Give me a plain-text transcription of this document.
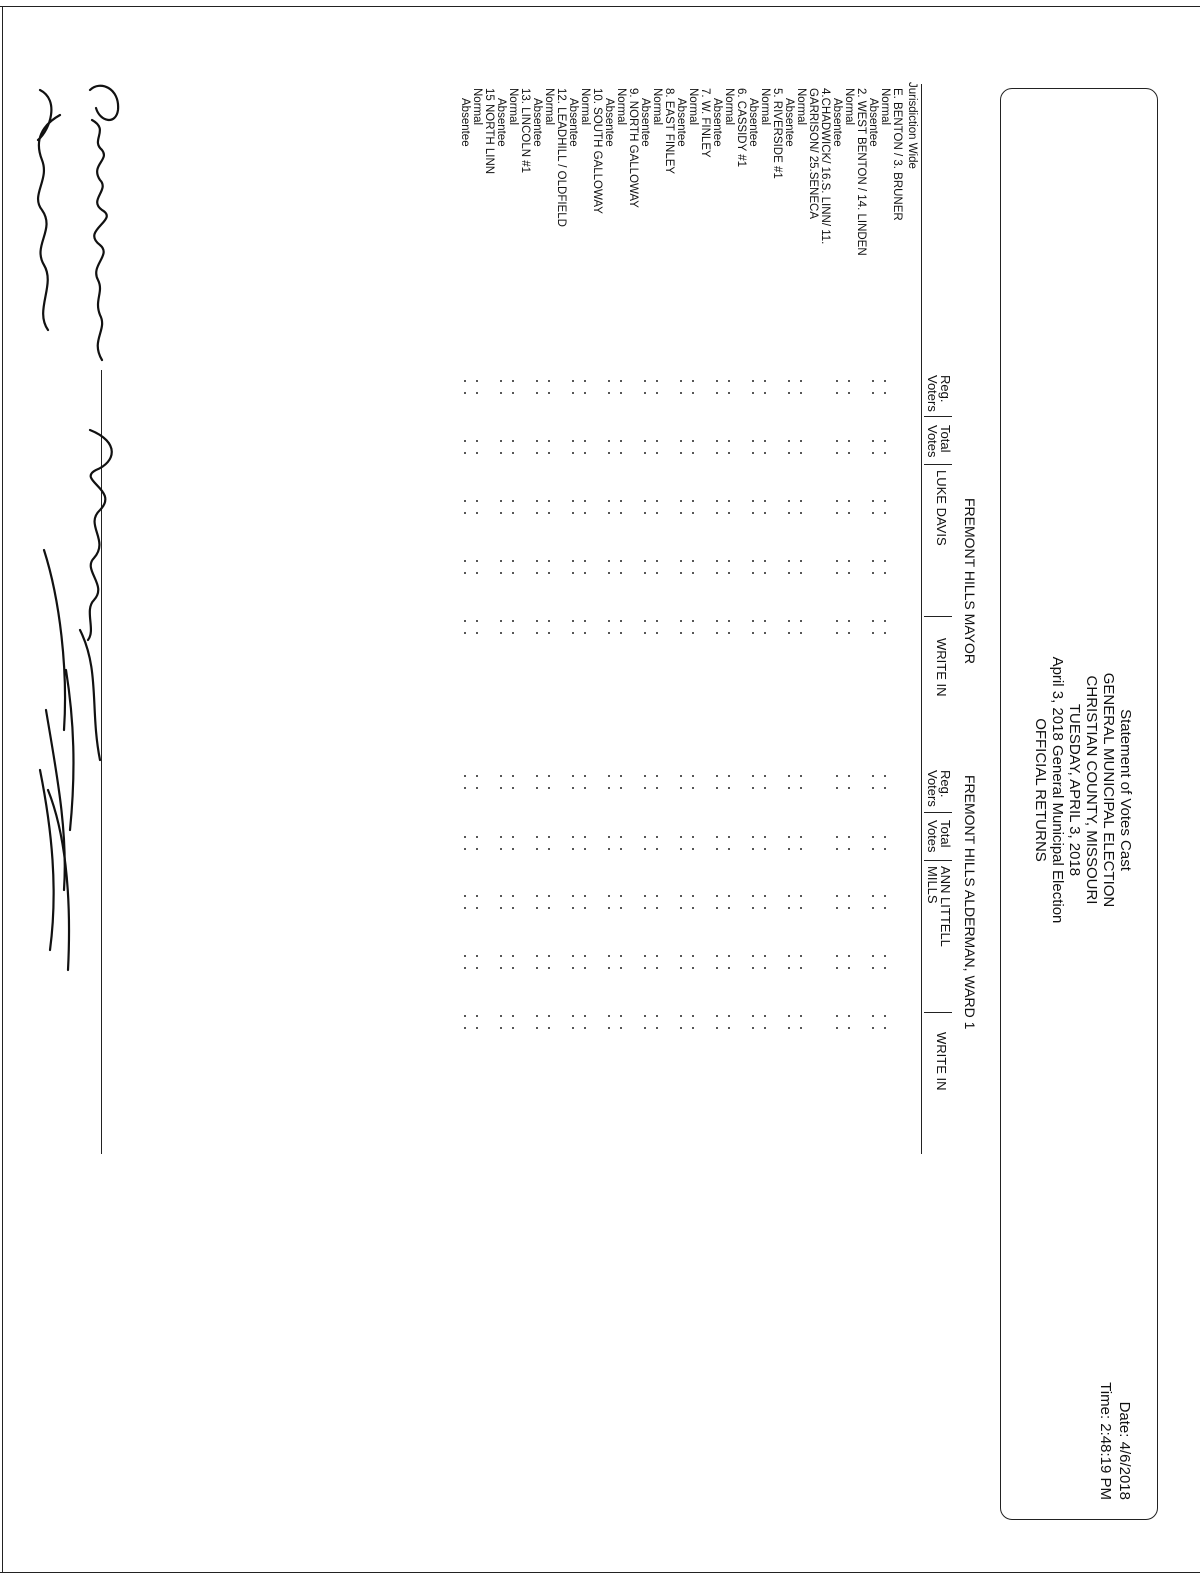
Statement of Votes Cast
GENERAL MUNICIPAL ELECTION
CHRISTIAN COUNTY, MISSOURI
TUESDAY, APRIL 3, 2018
April 3, 2018 General Municipal Election
OFFICIAL RETURNS
Date: 4/6/2018
Time: 2:48:19 PM
FREMONT HILLS MAYOR
Reg.
Voters
Total
Votes
LUKE DAVIS
WRITE IN
FREMONT HILLS ALDERMAN, WARD 1
Reg.
Voters
Total
Votes
ANN LITTELL
MILLS
WRITE IN
Jurisdiction Wide
E. BENTON / 3. BRUNER
Normal
Absentee
2. WEST BENTON / 14. LINDEN
Normal
Absentee
4.CHADWICK/ 16.S. LINN/ 11.
GARRISON/ 25.SENECA
Normal
Absentee
5. RIVERSIDE #1
Normal
Absentee
6. CASSIDY #1
Normal
Absentee
7. W. FINLEY
Normal
Absentee
8. EAST FINLEY
Normal
Absentee
9. NORTH GALLOWAY
Normal
Absentee
10. SOUTH GALLOWAY
Normal
Absentee
12. LEADHILL / OLDFIELD
Normal
Absentee
13. LINCOLN #1
Normal
Absentee
15 NORTH LINN
Normal
Absentee
